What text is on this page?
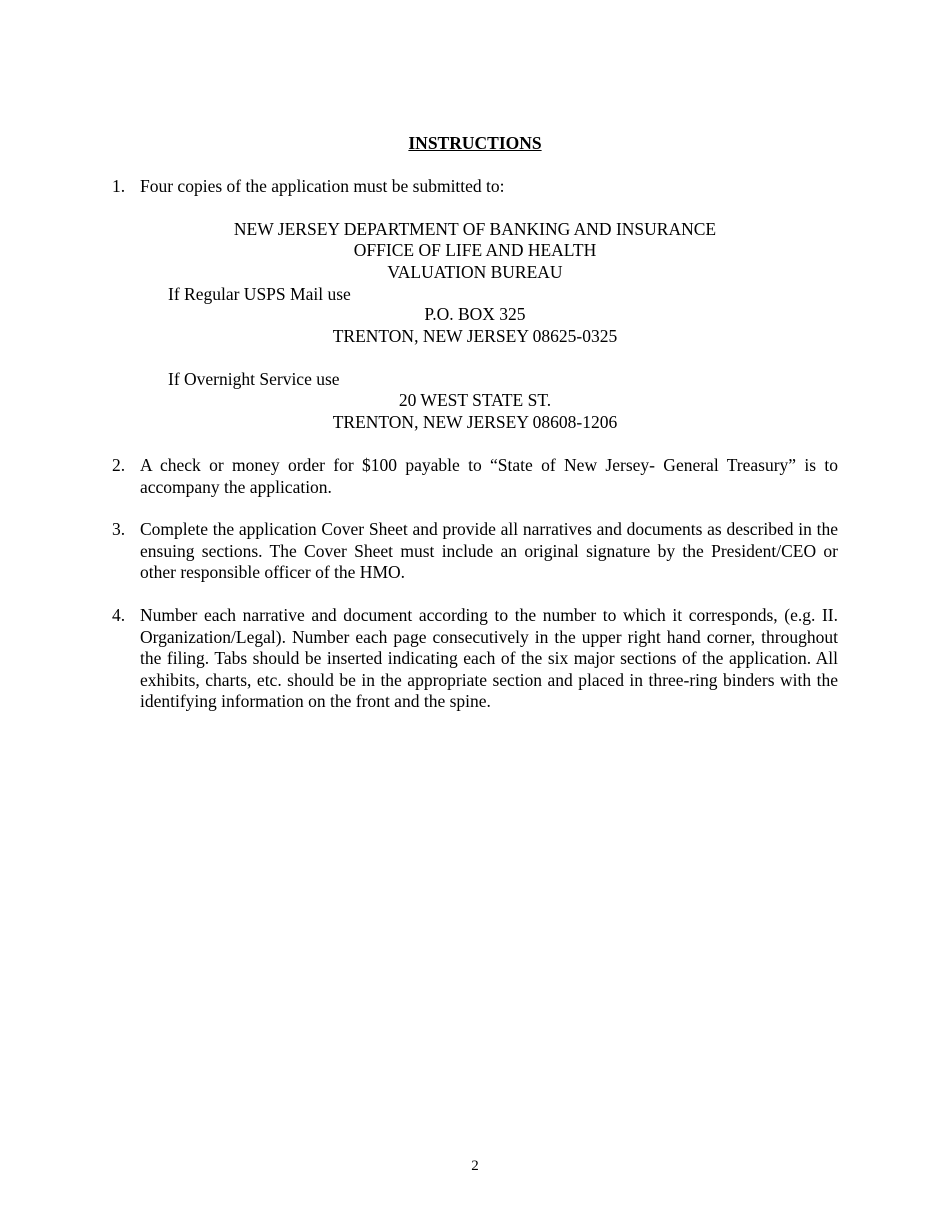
INSTRUCTIONS
1. Four copies of the application must be submitted to:
NEW JERSEY DEPARTMENT OF BANKING AND INSURANCE
OFFICE OF LIFE AND HEALTH
VALUATION BUREAU
If Regular USPS Mail use
P.O. BOX 325
TRENTON, NEW JERSEY 08625-0325
If Overnight Service use
20 WEST STATE ST.
TRENTON, NEW JERSEY 08608-1206
2. A check or money order for $100 payable to “State of New Jersey- General Treasury” is to accompany the application.
3. Complete the application Cover Sheet and provide all narratives and documents as described in the ensuing sections. The Cover Sheet must include an original signature by the President/CEO or other responsible officer of the HMO.
4. Number each narrative and document according to the number to which it corresponds, (e.g. II. Organization/Legal). Number each page consecutively in the upper right hand corner, throughout the filing. Tabs should be inserted indicating each of the six major sections of the application. All exhibits, charts, etc. should be in the appropriate section and placed in three-ring binders with the identifying information on the front and the spine.
2
